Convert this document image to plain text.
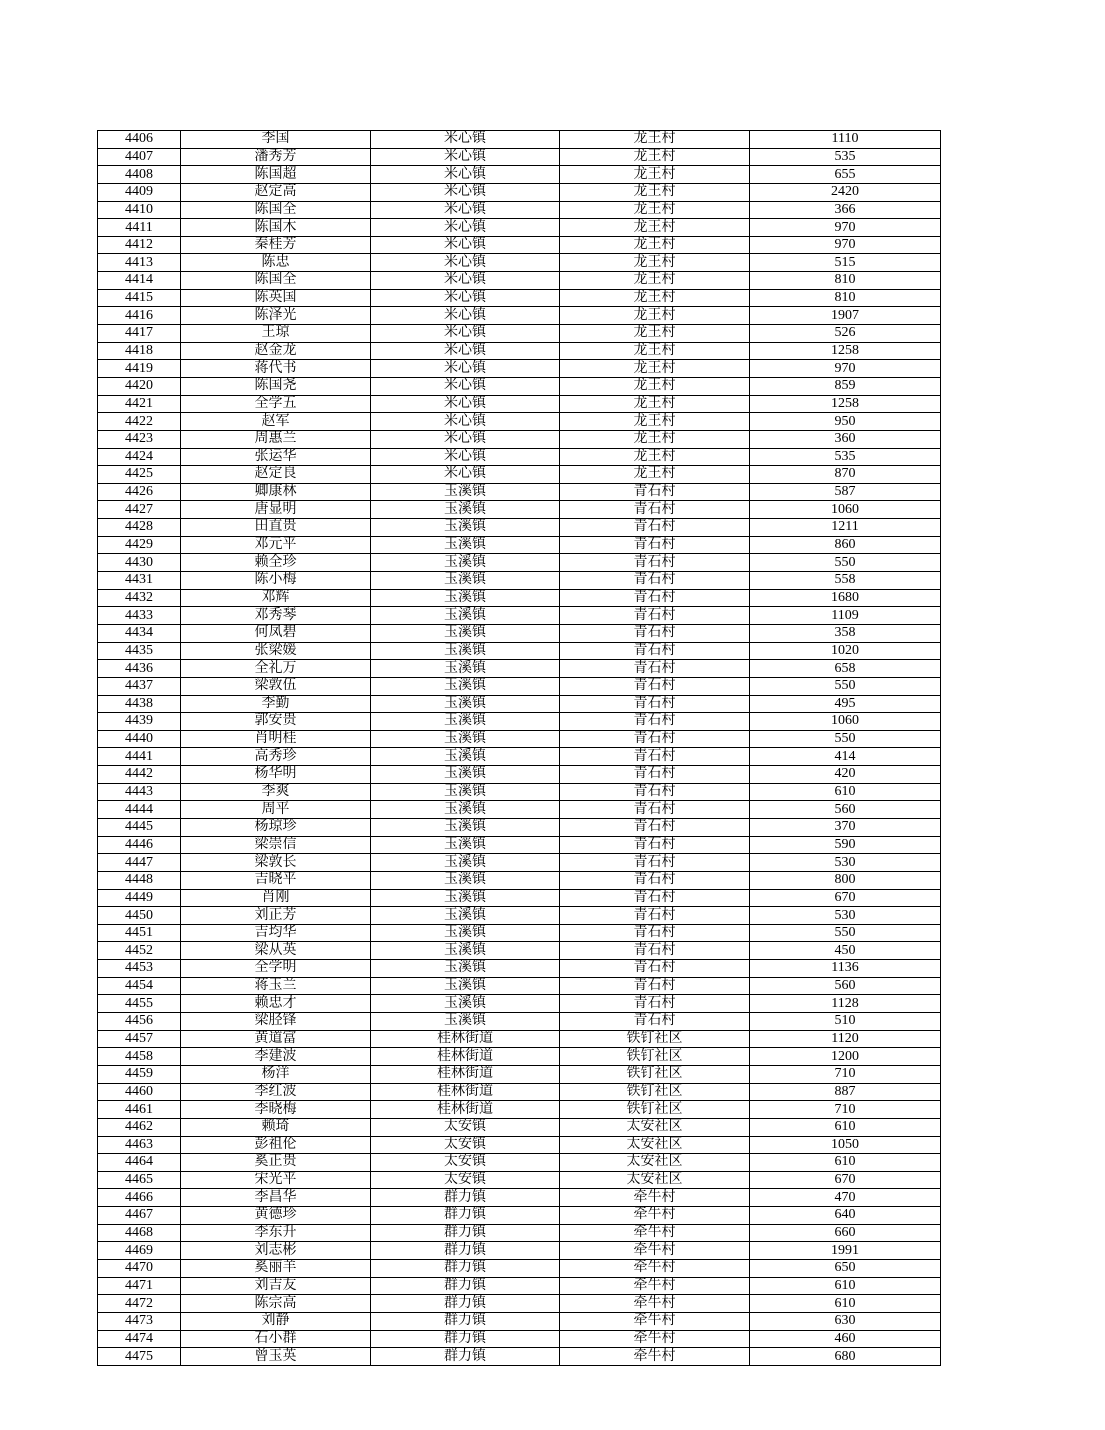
4406	李国	米心镇	龙王村	1110
4407	潘秀芳	米心镇	龙王村	535
4408	陈国超	米心镇	龙王村	655
4409	赵定高	米心镇	龙王村	2420
4410	陈国全	米心镇	龙王村	366
4411	陈国木	米心镇	龙王村	970
4412	秦桂芳	米心镇	龙王村	970
4413	陈忠	米心镇	龙王村	515
4414	陈国全	米心镇	龙王村	810
4415	陈英国	米心镇	龙王村	810
4416	陈泽光	米心镇	龙王村	1907
4417	王琼	米心镇	龙王村	526
4418	赵金龙	米心镇	龙王村	1258
4419	蒋代书	米心镇	龙王村	970
4420	陈国尧	米心镇	龙王村	859
4421	全学五	米心镇	龙王村	1258
4422	赵军	米心镇	龙王村	950
4423	周惠兰	米心镇	龙王村	360
4424	张运华	米心镇	龙王村	535
4425	赵定良	米心镇	龙王村	870
4426	卿康林	玉溪镇	青石村	587
4427	唐显明	玉溪镇	青石村	1060
4428	田直贵	玉溪镇	青石村	1211
4429	邓元平	玉溪镇	青石村	860
4430	赖全珍	玉溪镇	青石村	550
4431	陈小梅	玉溪镇	青石村	558
4432	邓辉	玉溪镇	青石村	1680
4433	邓秀琴	玉溪镇	青石村	1109
4434	何凤碧	玉溪镇	青石村	358
4435	张梁媛	玉溪镇	青石村	1020
4436	全礼万	玉溪镇	青石村	658
4437	梁敦伍	玉溪镇	青石村	550
4438	李勤	玉溪镇	青石村	495
4439	郭安贵	玉溪镇	青石村	1060
4440	肖明桂	玉溪镇	青石村	550
4441	高秀珍	玉溪镇	青石村	414
4442	杨华明	玉溪镇	青石村	420
4443	李爽	玉溪镇	青石村	610
4444	周平	玉溪镇	青石村	560
4445	杨琼珍	玉溪镇	青石村	370
4446	梁崇信	玉溪镇	青石村	590
4447	梁敦长	玉溪镇	青石村	530
4448	吉晓平	玉溪镇	青石村	800
4449	肖刚	玉溪镇	青石村	670
4450	刘正芳	玉溪镇	青石村	530
4451	吉均华	玉溪镇	青石村	550
4452	梁从英	玉溪镇	青石村	450
4453	全学明	玉溪镇	青石村	1136
4454	蒋玉兰	玉溪镇	青石村	560
4455	赖忠才	玉溪镇	青石村	1128
4456	梁胫锋	玉溪镇	青石村	510
4457	黄道富	桂林街道	铁钉社区	1120
4458	李建波	桂林街道	铁钉社区	1200
4459	杨洋	桂林街道	铁钉社区	710
4460	李红波	桂林街道	铁钉社区	887
4461	李晓梅	桂林街道	铁钉社区	710
4462	赖琦	太安镇	太安社区	610
4463	彭祖伦	太安镇	太安社区	1050
4464	奚正贵	太安镇	太安社区	610
4465	宋光平	太安镇	太安社区	670
4466	李昌华	群力镇	牵牛村	470
4467	黄德珍	群力镇	牵牛村	640
4468	李东升	群力镇	牵牛村	660
4469	刘志彬	群力镇	牵牛村	1991
4470	奚丽羊	群力镇	牵牛村	650
4471	刘吉友	群力镇	牵牛村	610
4472	陈宗高	群力镇	牵牛村	610
4473	刘静	群力镇	牵牛村	630
4474	石小群	群力镇	牵牛村	460
4475	曾玉英	群力镇	牵牛村	680
